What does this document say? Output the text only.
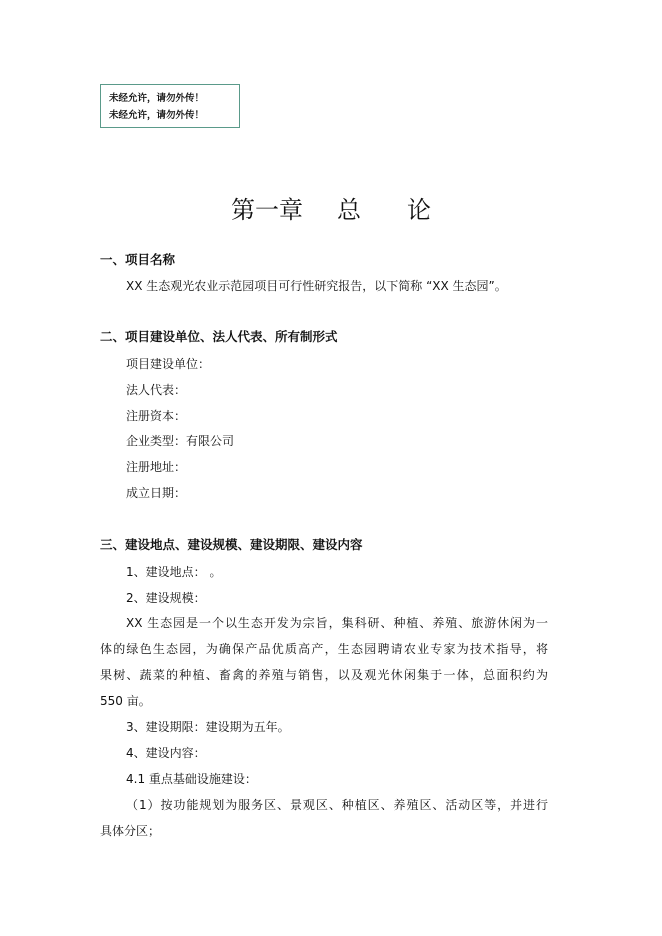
未经允许，请勿外传！
未经允许，请勿外传！
第一章 总 论
一、项目名称
XX 生态观光农业示范园项目可行性研究报告，以下简称 “XX 生态园”。
二、项目建设单位、法人代表、所有制形式
项目建设单位：
法人代表：
注册资本：
企业类型：有限公司
注册地址：
成立日期：
三、建设地点、建设规模、建设期限、建设内容
1、建设地点： 。
2、建设规模：
XX 生态园是一个以生态开发为宗旨，集科研、种植、养殖、旅游休闲为一
体的绿色生态园，为确保产品优质高产，生态园聘请农业专家为技术指导，将
果树、蔬菜的种植、畜禽的养殖与销售，以及观光休闲集于一体，总面积约为
550 亩。
3、建设期限：建设期为五年。
4、建设内容：
4.1 重点基础设施建设：
（1）按功能规划为服务区、景观区、种植区、养殖区、活动区等，并进行
具体分区；
